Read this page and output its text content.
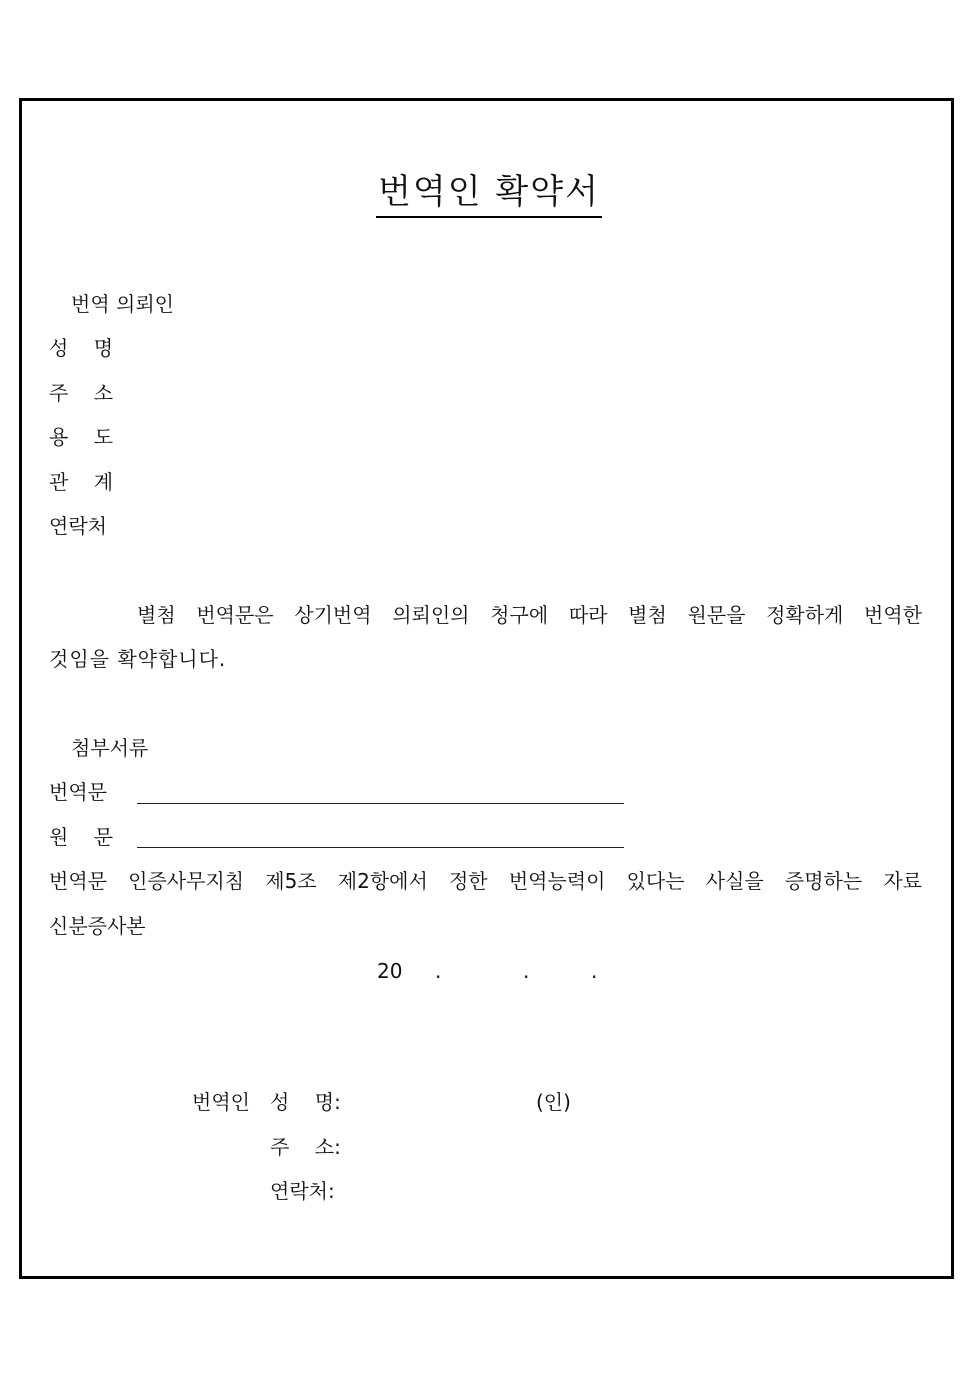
번역인 확약서
번역 의뢰인
성    명
주    소
용    도
관    계
연락처
별첨 번역문은 상기번역 의뢰인의 청구에 따라 별첨 원문을 정확하게 번역한
것임을 확약합니다.
첨부서류
번역문
원    문
번역문 인증사무지침 제5조 제2항에서 정한 번역능력이 있다는 사실을 증명하는 자료
신분증사본
20 .	.	.
번역인 성    명:	(인)
주    소:
연락처:
